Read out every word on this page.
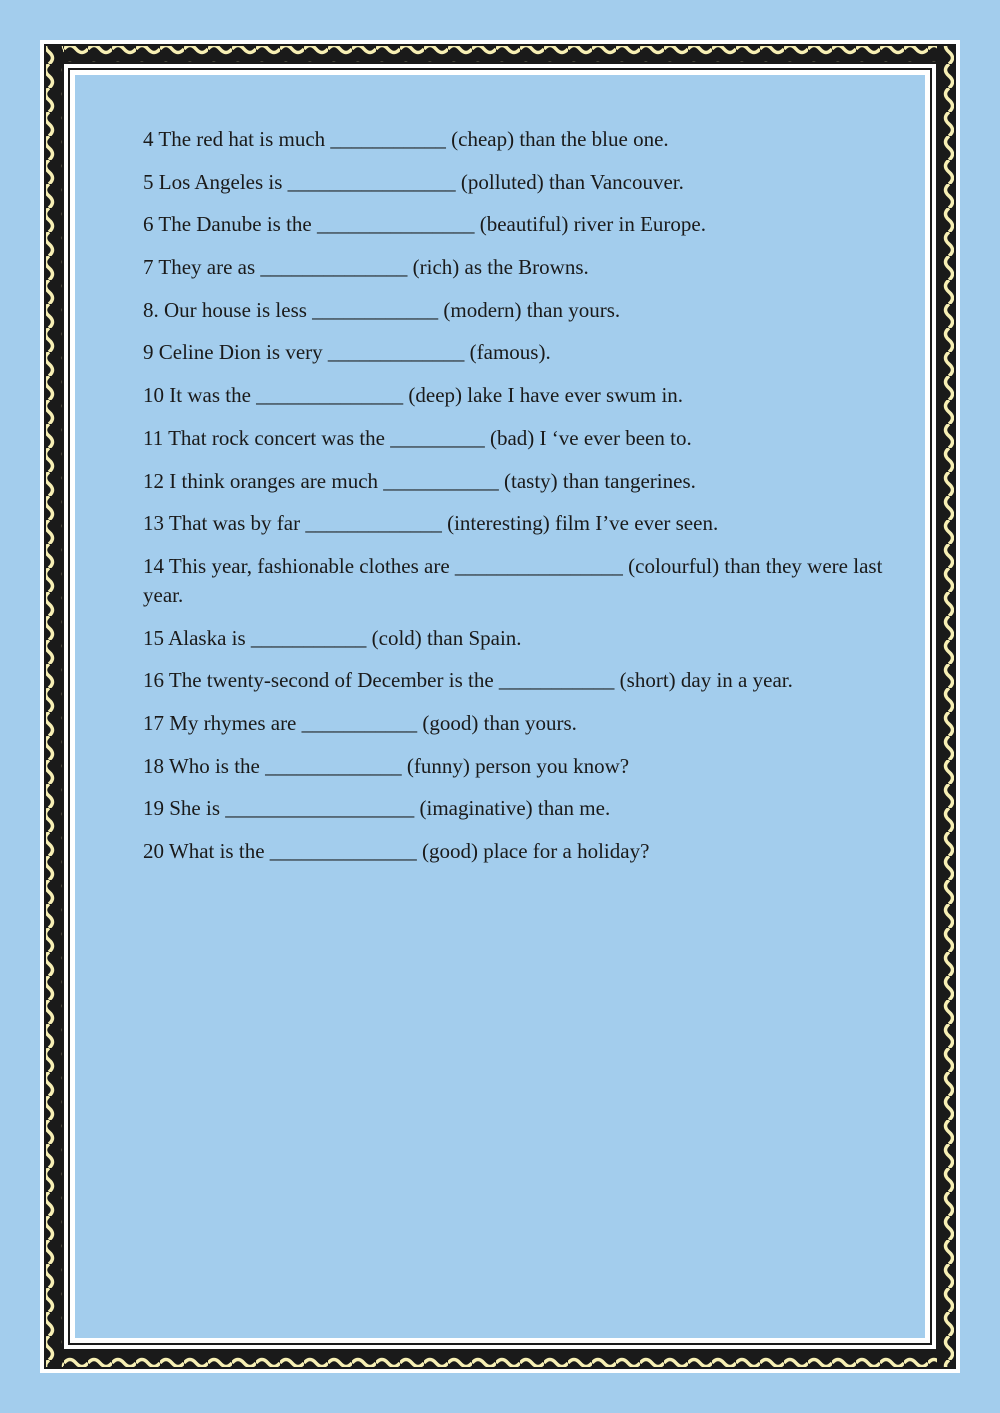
4 The red hat is much ___________ (cheap) than the blue one.
5 Los Angeles is ________________ (polluted) than Vancouver.
6 The Danube is the _______________ (beautiful) river in Europe.
7 They are as ______________ (rich) as the Browns.
8. Our house is less ____________ (modern) than yours.
9 Celine Dion is very _____________ (famous).
10 It was the ______________ (deep) lake I have ever swum in.
11 That rock concert was the _________ (bad) I ‘ve ever been to.
12 I think oranges are much ___________ (tasty) than tangerines.
13 That was by far _____________ (interesting) film I’ve ever seen.
14 This year, fashionable clothes are ________________ (colourful) than they were last year.
15 Alaska is ___________ (cold) than Spain.
16 The twenty-second of December is the ___________ (short) day in a year.
17 My rhymes are ___________ (good) than yours.
18 Who is the _____________ (funny) person you know?
19 She is __________________ (imaginative) than me.
20 What is the ______________ (good) place for a holiday?
